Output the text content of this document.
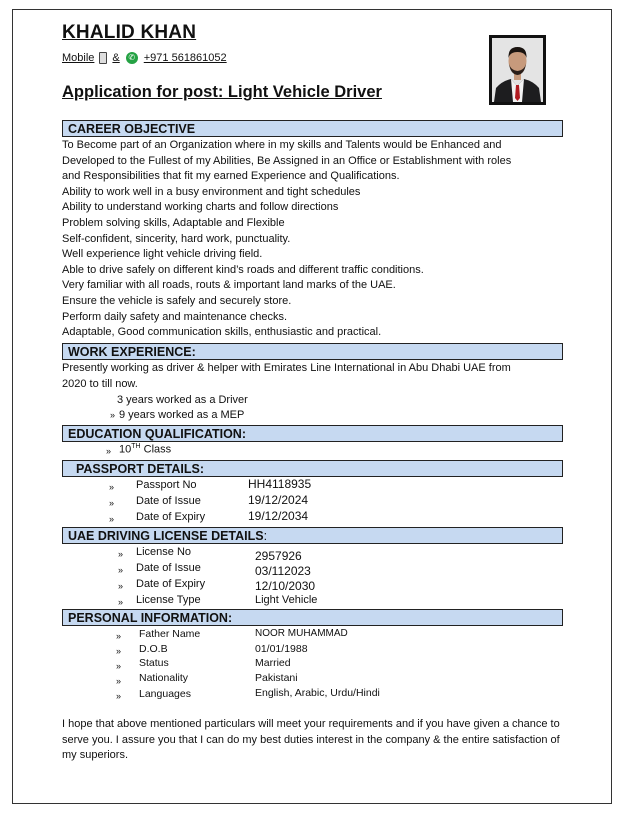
KHALID KHAN
Mobile &	✆ +971 561861052
Application for post: Light Vehicle Driver
CAREER OBJECTIVE
To Become part of an Organization where in my skills and Talents would be Enhanced and
Developed to the Fullest of my Abilities, Be Assigned in an Office or Establishment with roles
and Responsibilities that fit my earned Experience and Qualifications.
Ability to work well in a busy environment and tight schedules
Ability to understand working charts and follow directions
Problem solving skills, Adaptable and Flexible
Self-confident, sincerity, hard work, punctuality.
Well experience light vehicle driving field.
Able to drive safely on different kind’s roads and different traffic conditions.
Very familiar with all roads, routs & important land marks of the UAE.
Ensure the vehicle is safely and securely store.
Perform daily safety and maintenance checks.
Adaptable, Good communication skills, enthusiastic and practical.
WORK EXPERIENCE:
Presently working as driver & helper with Emirates Line International in Abu Dhabi UAE from
2020 to till now.
3 years worked as a Driver
» 9 years worked as a MEP
EDUCATION QUALIFICATION:
» 10TH Class
PASSPORT DETAILS:
» Passport No	HH4118935
» Date of Issue	19/12/2024
» Date of Expiry	19/12/2034
UAE DRIVING LICENSE DETAILS:
» License No	2957926
» Date of Issue	03/112023
» Date of Expiry	12/10/2030
» License Type	Light Vehicle
PERSONAL INFORMATION:
» Father Name	NOOR MUHAMMAD
» D.O.B	01/01/1988
» Status	Married
» Nationality	Pakistani
» Languages	English, Arabic, Urdu/Hindi
I hope that above mentioned particulars will meet your requirements and if you have given a chance to serve you. I assure you that I can do my best duties interest in the company & the entire satisfaction of my superiors.
